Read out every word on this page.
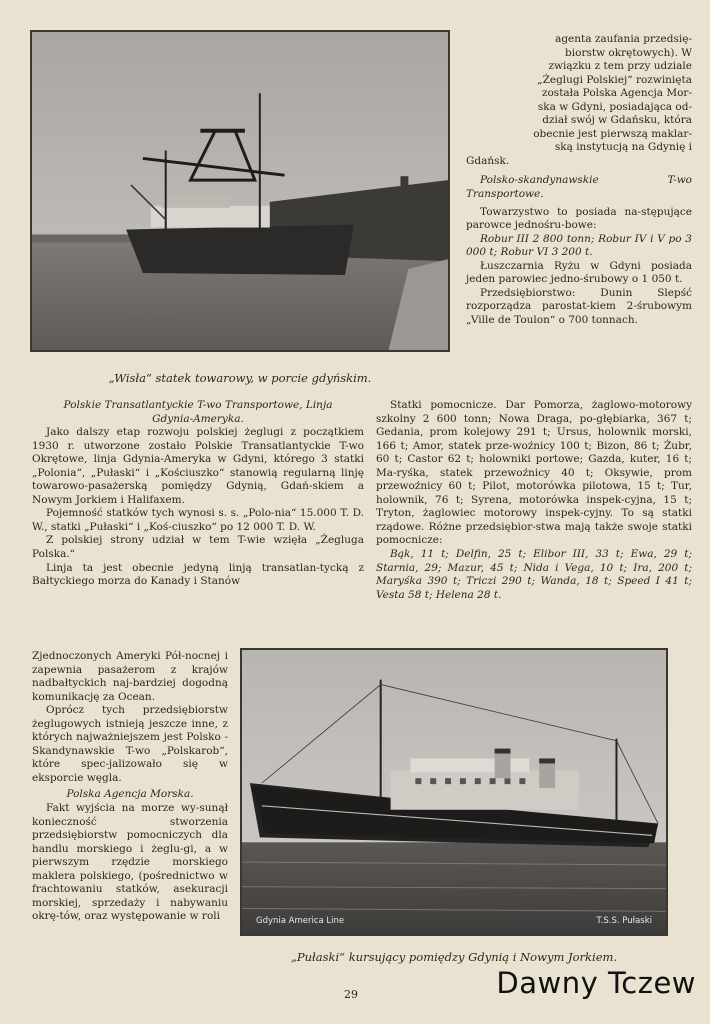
„Wisła“ statek towarowy, w porcie gdyńskim.

agenta zaufania przedsię-

biorstw okrętowych). W

związku z tem przy udziale

„Żeglugi Polskiej“ rozwinięta

została Polska Agencja Mor-

ska w Gdyni, posiadająca od-

dział swój w Gdańsku, która

obecnie jest pierwszą maklar-

ską instytucją na Gdynię i

Gdańsk.

Polsko-skandynawskie T-wo Transportowe.

Towarzystwo to posiada na-stępujące parowce jednośru-bowe:

Robur III 2 800 tonn; Robur IV i V po 3 000 t; Robur VI 3 200 t.

Łuszczarnia Ryżu w Gdyni posiada jeden parowiec jedno-śrubowy o 1 050 t.

Przedsiębiorstwo: Dunin Slepść rozporządza parostat-kiem 2-śrubowym „Ville de Toulon“ o 700 tonnach.

Statki pomocnicze. Dar Pomorza, żaglowo-motorowy szkolny 2 600 tonn; Nowa Draga, po-głębiarka, 367 t; Gedania, prom kolejowy 291 t; Ursus, holownik morski, 166 t; Amor, statek prze-woźnicy 100 t; Bizon, 86 t; Żubr, 60 t; Castor 62 t; holowniki portowe; Gazda, kuter, 16 t; Ma-ryśka, statek przewoźnicy 40 t; Oksywie, prom przewoźnicy 60 t; Pilot, motorówka pilotowa, 15 t; Tur, holownik, 76 t; Syrena, motorówka inspek-cyjna, 15 t; Tryton, żaglowiec motorowy inspek-cyjny. To są statki rządowe. Różne przedsiębior-stwa mają także swoje statki pomocnicze:

Bąk, 11 t; Delfin, 25 t; Elibor III, 33 t; Ewa, 29 t; Starnia, 29; Mazur, 45 t; Nida i Vega, 10 t; Ira, 200 t; Maryśka 390 t; Triczi 290 t; Wanda, 18 t; Speed I 41 t; Vesta 58 t; Helena 28 t.

Polskie Transatlantyckie T-wo Transportowe, Linja Gdynia-Ameryka.

Jako dalszy etap rozwoju polskiej żeglugi z początkiem 1930 r. utworzone zostało Polskie Transatlantyckie T-wo Okrętowe, linja Gdynia-Ameryka w Gdyni, którego 3 statki „Polonia“, „Pułaski“ i „Kościuszko“ stanowią regularną linję towarowo-pasażerską pomiędzy Gdynią, Gdań-skiem a Nowym Jorkiem i Halifaxem.

Pojemność statków tych wynosi s. s. „Polo-nia“ 15.000 T. D. W., statki „Pułaski“ i „Koś-ciuszko“ po 12 000 T. D. W.

Z polskiej strony udział w tem T-wie wzięła „Żegluga Polska.“

Linja ta jest obecnie jedyną linją transatlan-tycką z Bałtyckiego morza do Kanady i Stanów

Zjednoczonych Ameryki Pół-nocnej i zapewnia pasażerom z krajów nadbałtyckich naj-bardziej dogodną komunikację za Ocean.

Oprócz tych przedsiębiorstw żeglugowych istnieją jeszcze inne, z których najważniejszem jest Polsko - Skandynawskie T-wo „Polskarob“, które spec-jalizowało się w eksporcie węgla.

Polska Agencja Morska.

Fakt wyjścia na morze wy-sunął konieczność stworzenia przedsiębiorstw pomocniczych dla handlu morskiego i żeglu-gi, a w pierwszym rzędzie morskiego maklera polskiego, (pośrednictwo w frachtowaniu statków, asekuracji morskiej, sprzedaży i nabywaniu okrę-tów, oraz występowanie w roli	Gdynia America Line	T.S.S. Pułaski
„Pułaski“ kursujący pomiędzy Gdynią i Nowym Jorkiem.
29	Dawny Tczew
